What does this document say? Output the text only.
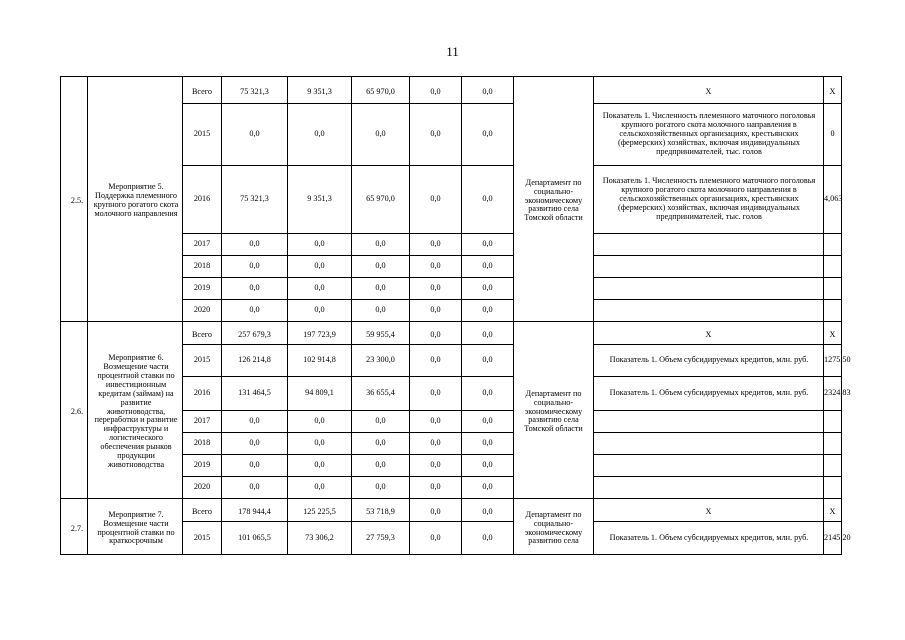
11
2.5.	Мероприятие 5. Поддержка племенного крупного рогатого скота молочного направления	Всего	75 321,3	9 351,3	65 970,0	0,0	0,0	Департамент по социально-экономическому развитию села Томской области	X	X
		2015	0,0	0,0	0,0	0,0	0,0		Показатель 1. Численность племенного маточного поголовья крупного рогатого скота молочного направления в сельскохозяйственных организациях, крестьянских (фермерских) хозяйствах, включая индивидуальных предпринимателей, тыс. голов	0
		2016	75 321,3	9 351,3	65 970,0	0,0	0,0		Показатель 1. Численность племенного маточного поголовья крупного рогатого скота молочного направления в сельскохозяйственных организациях, крестьянских (фермерских) хозяйствах, включая индивидуальных предпринимателей, тыс. голов	4,063
		2017	0,0	0,0	0,0	0,0	0,0			
		2018	0,0	0,0	0,0	0,0	0,0			
		2019	0,0	0,0	0,0	0,0	0,0			
		2020	0,0	0,0	0,0	0,0	0,0			
2.6.	Мероприятие 6. Возмещение части процентной ставки по инвестиционным кредитам (займам) на развитие животноводства, переработки и развитие инфраструктуры и логистического обеспечения рынков продукции животноводства	Всего	257 679,3	197 723,9	59 955,4	0,0	0,0	Департамент по социально-экономическому развитию села Томской области	X	X
		2015	126 214,8	102 914,8	23 300,0	0,0	0,0		Показатель 1. Объем субсидируемых кредитов, млн. руб.	1275,50
		2016	131 464,5	94 809,1	36 655,4	0,0	0,0		Показатель 1. Объем субсидируемых кредитов, млн. руб.	2324,83
		2017	0,0	0,0	0,0	0,0	0,0			
		2018	0,0	0,0	0,0	0,0	0,0			
		2019	0,0	0,0	0,0	0,0	0,0			
		2020	0,0	0,0	0,0	0,0	0,0			
2.7.	Мероприятие 7. Возмещение части процентной ставки по краткосрочным	Всего	178 944,4	125 225,5	53 718,9	0,0	0,0	Департамент по социально-экономическому развитию села	X	X
		2015	101 065,5	73 306,2	27 759,3	0,0	0,0		Показатель 1. Объем субсидируемых кредитов, млн. руб.	2145,20
